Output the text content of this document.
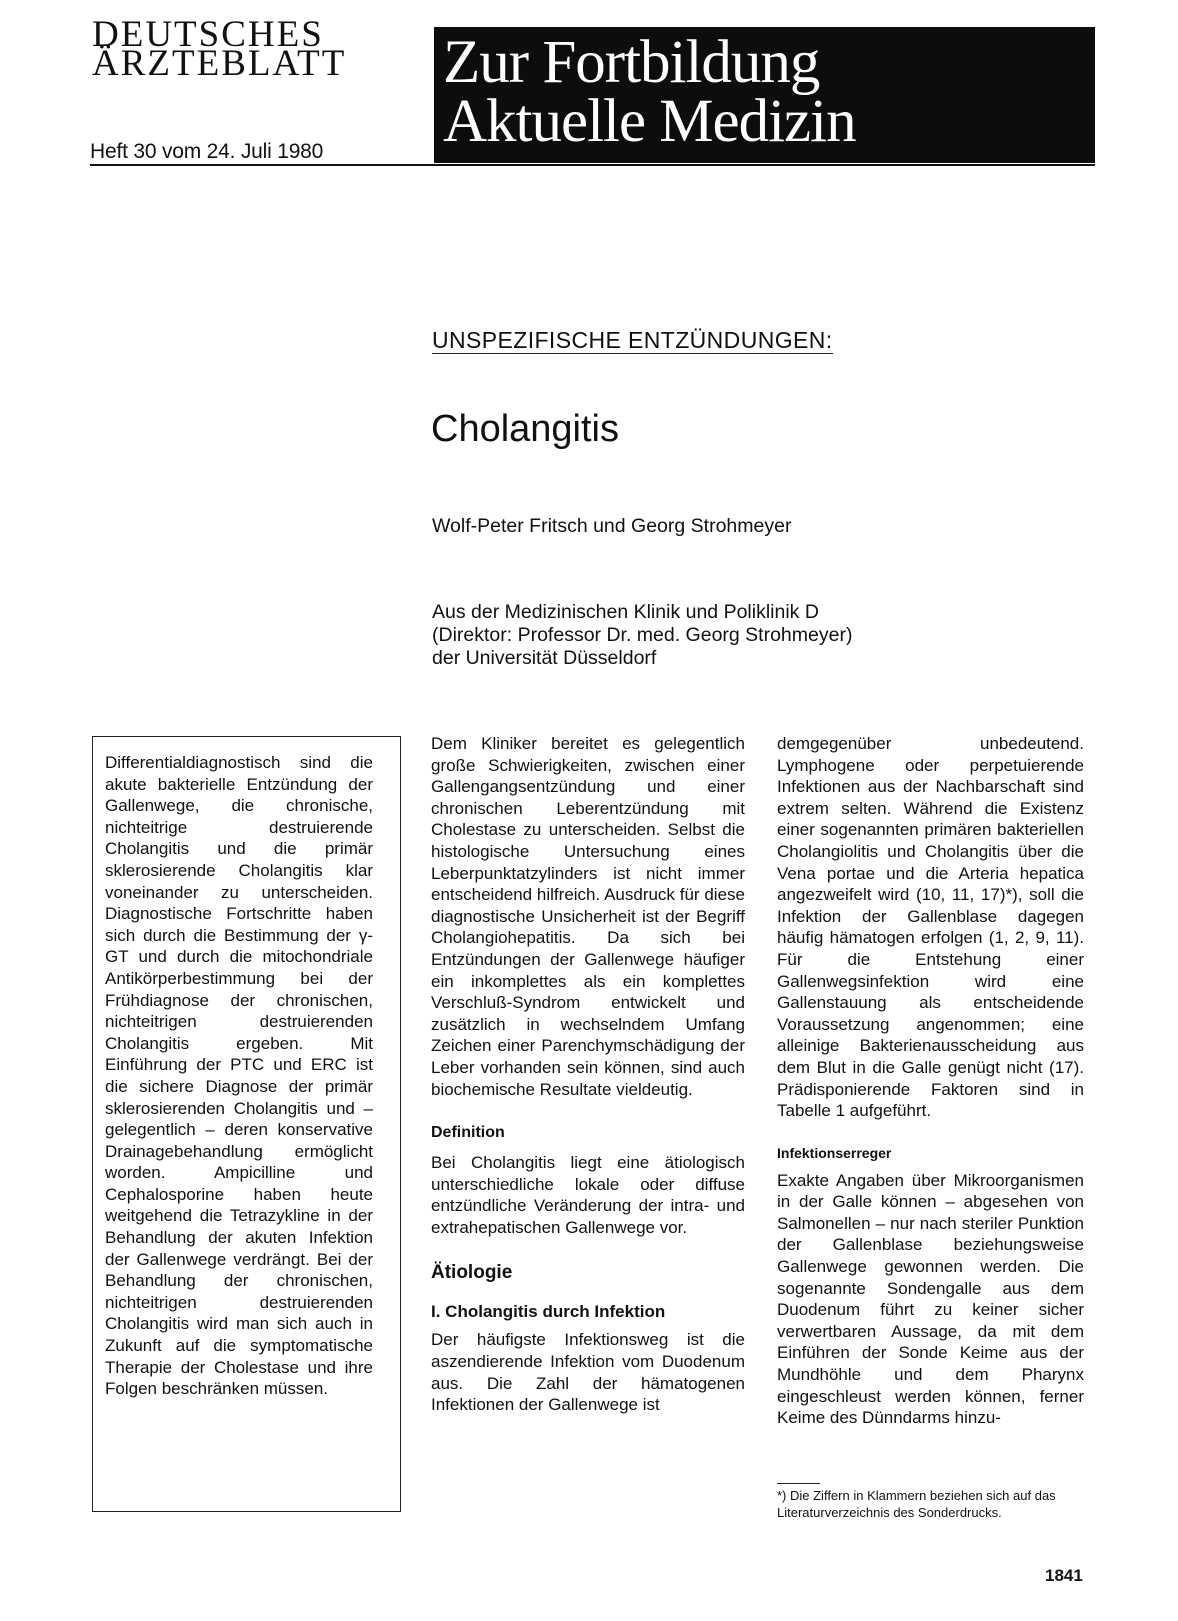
DEUTSCHES
ÄRZTEBLATT
Heft 30 vom 24. Juli 1980
Zur Fortbildung
Aktuelle Medizin
UNSPEZIFISCHE ENTZÜNDUNGEN:
Cholangitis
Wolf-Peter Fritsch und Georg Strohmeyer
Aus der Medizinischen Klinik und Poliklinik D
(Direktor: Professor Dr. med. Georg Strohmeyer)
der Universität Düsseldorf

Differentialdiagnostisch sind die akute bakterielle Entzündung der Gallenwege, die chronische, nichteitrige destruierende Cholangitis und die primär sklerosierende Cholangitis klar voneinander zu unterscheiden. Diagnostische Fortschritte haben sich durch die Bestimmung der γ-GT und durch die mitochondriale Antikörperbestimmung bei der Frühdiagnose der chronischen, nichteitrigen destruierenden Cholangitis ergeben. Mit Einführung der PTC und ERC ist die sichere Diagnose der primär sklerosierenden Cholangitis und – gelegentlich – deren konservative Drainagebehandlung ermöglicht worden. Ampicilline und Cephalosporine haben heute weitgehend die Tetrazykline in der Behandlung der akuten Infektion der Gallenwege verdrängt. Bei der Behandlung der chronischen, nichteitrigen destruierenden Cholangitis wird man sich auch in Zukunft auf die symptomatische Therapie der Cholestase und ihre Folgen beschränken müssen.

Dem Kliniker bereitet es gelegentlich große Schwierigkeiten, zwischen einer Gallengangsentzündung und einer chronischen Leberentzündung mit Cholestase zu unterscheiden. Selbst die histologische Untersuchung eines Leberpunktatzylinders ist nicht immer entscheidend hilfreich. Ausdruck für diese diagnostische Unsicherheit ist der Begriff Cholangiohepatitis. Da sich bei Entzündungen der Gallenwege häufiger ein inkomplettes als ein komplettes Verschluß-Syndrom entwickelt und zusätzlich in wechselndem Umfang Zeichen einer Parenchymschädigung der Leber vorhanden sein können, sind auch biochemische Resultate vieldeutig.

Definition

Bei Cholangitis liegt eine ätiologisch unterschiedliche lokale oder diffuse entzündliche Veränderung der intra- und extrahepatischen Gallenwege vor.

Ätiologie
I. Cholangitis durch Infektion

Der häufigste Infektionsweg ist die aszendierende Infektion vom Duodenum aus. Die Zahl der hämatogenen Infektionen der Gallenwege ist

demgegenüber unbedeutend. Lymphogene oder perpetuierende Infektionen aus der Nachbarschaft sind extrem selten. Während die Existenz einer sogenannten primären bakteriellen Cholangiolitis und Cholangitis über die Vena portae und die Arteria hepatica angezweifelt wird (10, 11, 17)*), soll die Infektion der Gallenblase dagegen häufig hämatogen erfolgen (1, 2, 9, 11). Für die Entstehung einer Gallenwegsinfektion wird eine Gallenstauung als entscheidende Voraussetzung angenommen; eine alleinige Bakterienausscheidung aus dem Blut in die Galle genügt nicht (17). Prädisponierende Faktoren sind in Tabelle 1 aufgeführt.

Infektionserreger

Exakte Angaben über Mikroorganismen in der Galle können – abgesehen von Salmonellen – nur nach steriler Punktion der Gallenblase beziehungsweise Gallenwege gewonnen werden. Die sogenannte Sondengalle aus dem Duodenum führt zu keiner sicher verwertbaren Aussage, da mit dem Einführen der Sonde Keime aus der Mundhöhle und dem Pharynx eingeschleust werden können, ferner Keime des Dünndarms hinzu-

*) Die Ziffern in Klammern beziehen sich auf das Literaturverzeichnis des Sonderdrucks.
1841
